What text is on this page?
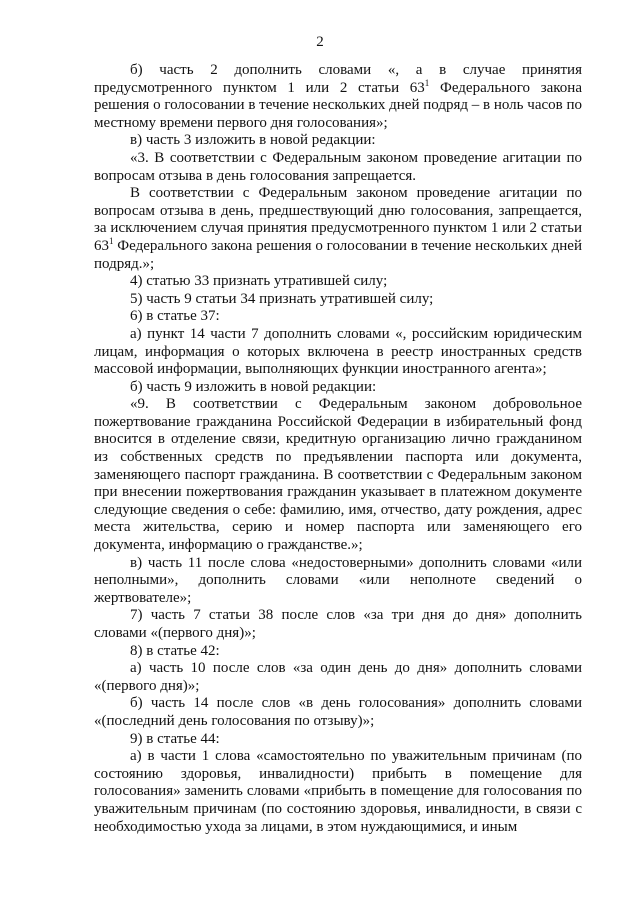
2

б) часть 2 дополнить словами «, а в случае принятия предусмотренного пунктом 1 или 2 статьи $63^1$ Федерального закона решения о голосовании в течение нескольких дней подряд – в ноль часов по местному времени первого дня голосования»;

в) часть 3 изложить в новой редакции:

«3. В соответствии с Федеральным законом проведение агитации по вопросам отзыва в день голосования запрещается.

В соответствии с Федеральным законом проведение агитации по вопросам отзыва в день, предшествующий дню голосования, запрещается, за исключением случая принятия предусмотренного пунктом 1 или 2 статьи $63^1$ Федерального закона решения о голосовании в течение нескольких дней подряд.»;

4) статью 33 признать утратившей силу;

5) часть 9 статьи 34 признать утратившей силу;

6) в статье 37:

а) пункт 14 части 7 дополнить словами «, российским юридическим лицам, информация о которых включена в реестр иностранных средств массовой информации, выполняющих функции иностранного агента»;

б) часть 9 изложить в новой редакции:

«9. В соответствии с Федеральным законом добровольное пожертвование гражданина Российской Федерации в избирательный фонд вносится в отделение связи, кредитную организацию лично гражданином из собственных средств по предъявлении паспорта или документа, заменяющего паспорт гражданина. В соответствии с Федеральным законом при внесении пожертвования гражданин указывает в платежном документе следующие сведения о себе: фамилию, имя, отчество, дату рождения, адрес места жительства, серию и номер паспорта или заменяющего его документа, информацию о гражданстве.»;

в) часть 11 после слова «недостоверными» дополнить словами «или неполными», дополнить словами «или неполноте сведений о жертвователе»;

7) часть 7 статьи 38 после слов «за три дня до дня» дополнить словами «(первого дня)»;

8) в статье 42:

а) часть 10 после слов «за один день до дня» дополнить словами «(первого дня)»;

б) часть 14 после слов «в день голосования» дополнить словами «(последний день голосования по отзыву)»;

9) в статье 44:

а) в части 1 слова «самостоятельно по уважительным причинам (по состоянию здоровья, инвалидности) прибыть в помещение для голосования» заменить словами «прибыть в помещение для голосования по уважительным причинам (по состоянию здоровья, инвалидности, в связи с необходимостью ухода за лицами, в этом нуждающимися, и иным
